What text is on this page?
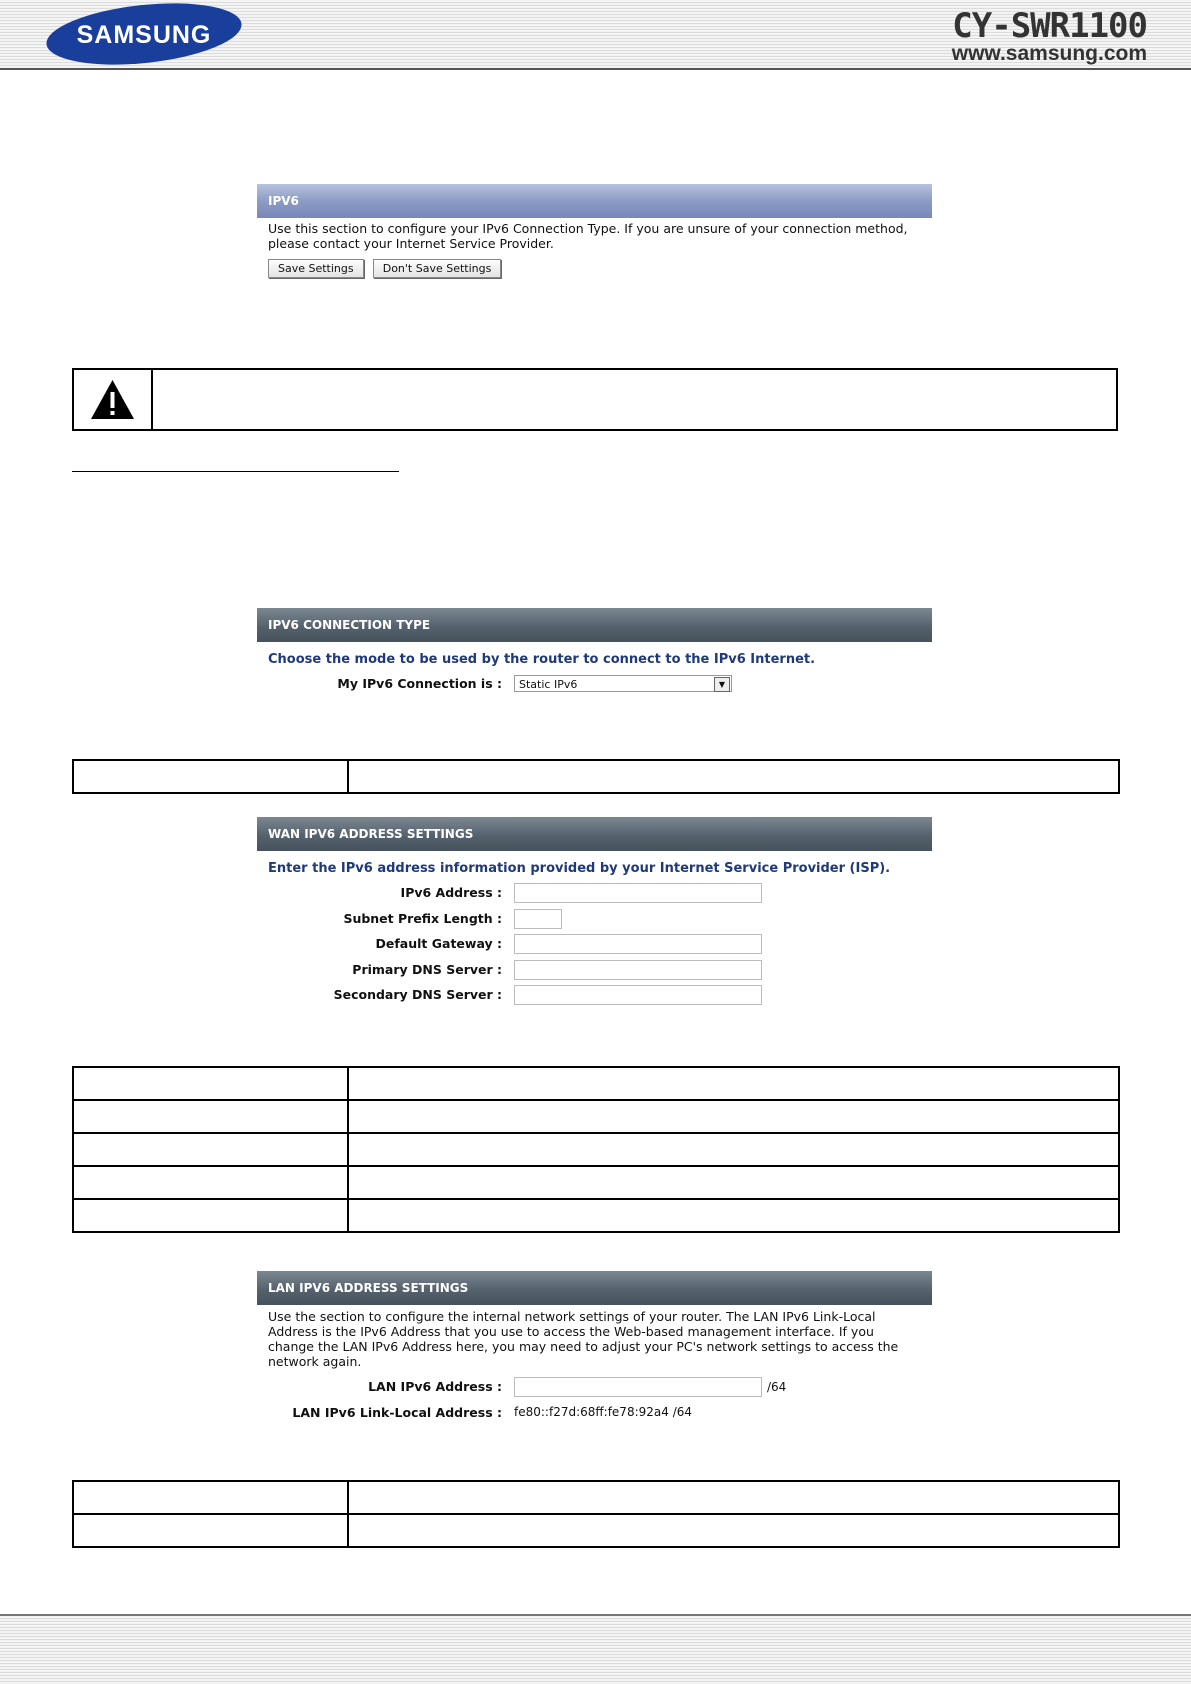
SAMSUNG	CY-SWR1100
www.samsung.com
IPV6
Use this section to configure your IPv6 Connection Type. If you are unsure of your connection method, please contact your Internet Service Provider.
Save Settings	Don't Save Settings
IPV6 CONNECTION TYPE
Choose the mode to be used by the router to connect to the IPv6 Internet.
My IPv6 Connection is :	Static IPv6	▼

WAN IPV6 ADDRESS SETTINGS
Enter the IPv6 address information provided by your Internet Service Provider (ISP).
IPv6 Address :
Subnet Prefix Length :
Default Gateway :
Primary DNS Server :
Secondary DNS Server :

LAN IPV6 ADDRESS SETTINGS
Use the section to configure the internal network settings of your router. The LAN IPv6 Link-Local Address is the IPv6 Address that you use to access the Web-based management interface. If you change the LAN IPv6 Address here, you may need to adjust your PC's network settings to access the network again.
LAN IPv6 Address :	/64
LAN IPv6 Link-Local Address : fe80::f27d:68ff:fe78:92a4 /64
